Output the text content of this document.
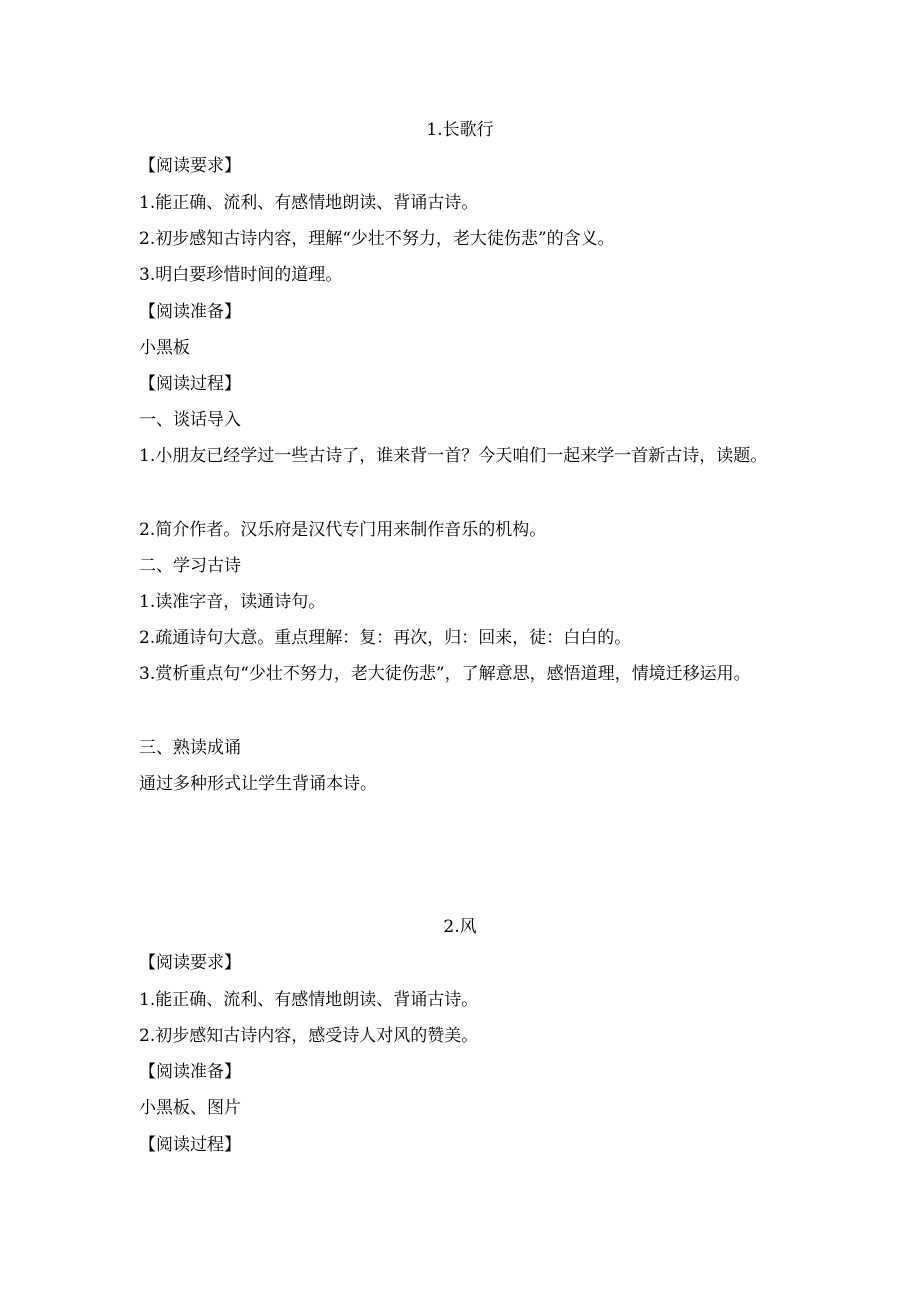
1.长歌行
【阅读要求】
1.能正确、流利、有感情地朗读、背诵古诗。
2.初步感知古诗内容，理解“少壮不努力，老大徒伤悲”的含义。
3.明白要珍惜时间的道理。
【阅读准备】
小黑板
【阅读过程】
一、谈话导入
1.小朋友已经学过一些古诗了，谁来背一首？今天咱们一起来学一首新古诗，读题。
2.简介作者。汉乐府是汉代专门用来制作音乐的机构。
二、学习古诗
1.读准字音，读通诗句。
2.疏通诗句大意。重点理解：复：再次，归：回来，徒：白白的。
3.赏析重点句“少壮不努力，老大徒伤悲”，了解意思，感悟道理，情境迁移运用。
三、熟读成诵
通过多种形式让学生背诵本诗。
2.风
【阅读要求】
1.能正确、流利、有感情地朗读、背诵古诗。
2.初步感知古诗内容，感受诗人对风的赞美。
【阅读准备】
小黑板、图片
【阅读过程】
